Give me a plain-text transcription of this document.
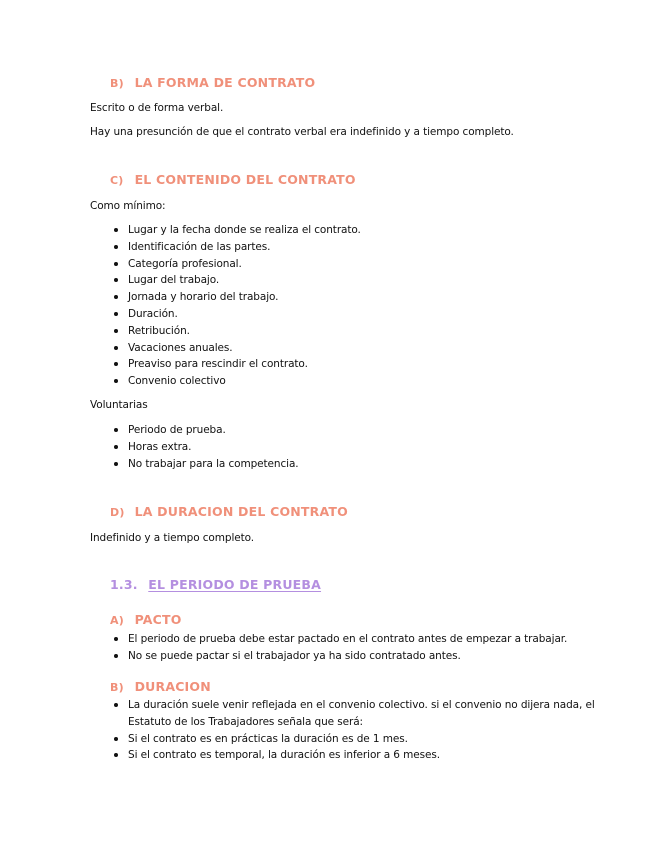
B) LA FORMA DE CONTRATO
Escrito o de forma verbal.
Hay una presunción de que el contrato verbal era indefinido y a tiempo completo.
C) EL CONTENIDO DEL CONTRATO
Como mínimo:
Lugar y la fecha donde se realiza el contrato.
Identificación de las partes.
Categoría profesional.
Lugar del trabajo.
Jornada y horario del trabajo.
Duración.
Retribución.
Vacaciones anuales.
Preaviso para rescindir el contrato.
Convenio colectivo
Voluntarias
Periodo de prueba.
Horas extra.
No trabajar para la competencia.
D) LA DURACION DEL CONTRATO
Indefinido y a tiempo completo.
1.3. EL PERIODO DE PRUEBA
A) PACTO
El periodo de prueba debe estar pactado en el contrato antes de empezar a trabajar.
No se puede pactar si el trabajador ya ha sido contratado antes.
B) DURACION
La duración suele venir reflejada en el convenio colectivo. si el convenio no dijera nada, el Estatuto de los Trabajadores señala que será:
Si el contrato es en prácticas la duración es de 1 mes.
Si el contrato es temporal, la duración es inferior a 6 meses.
